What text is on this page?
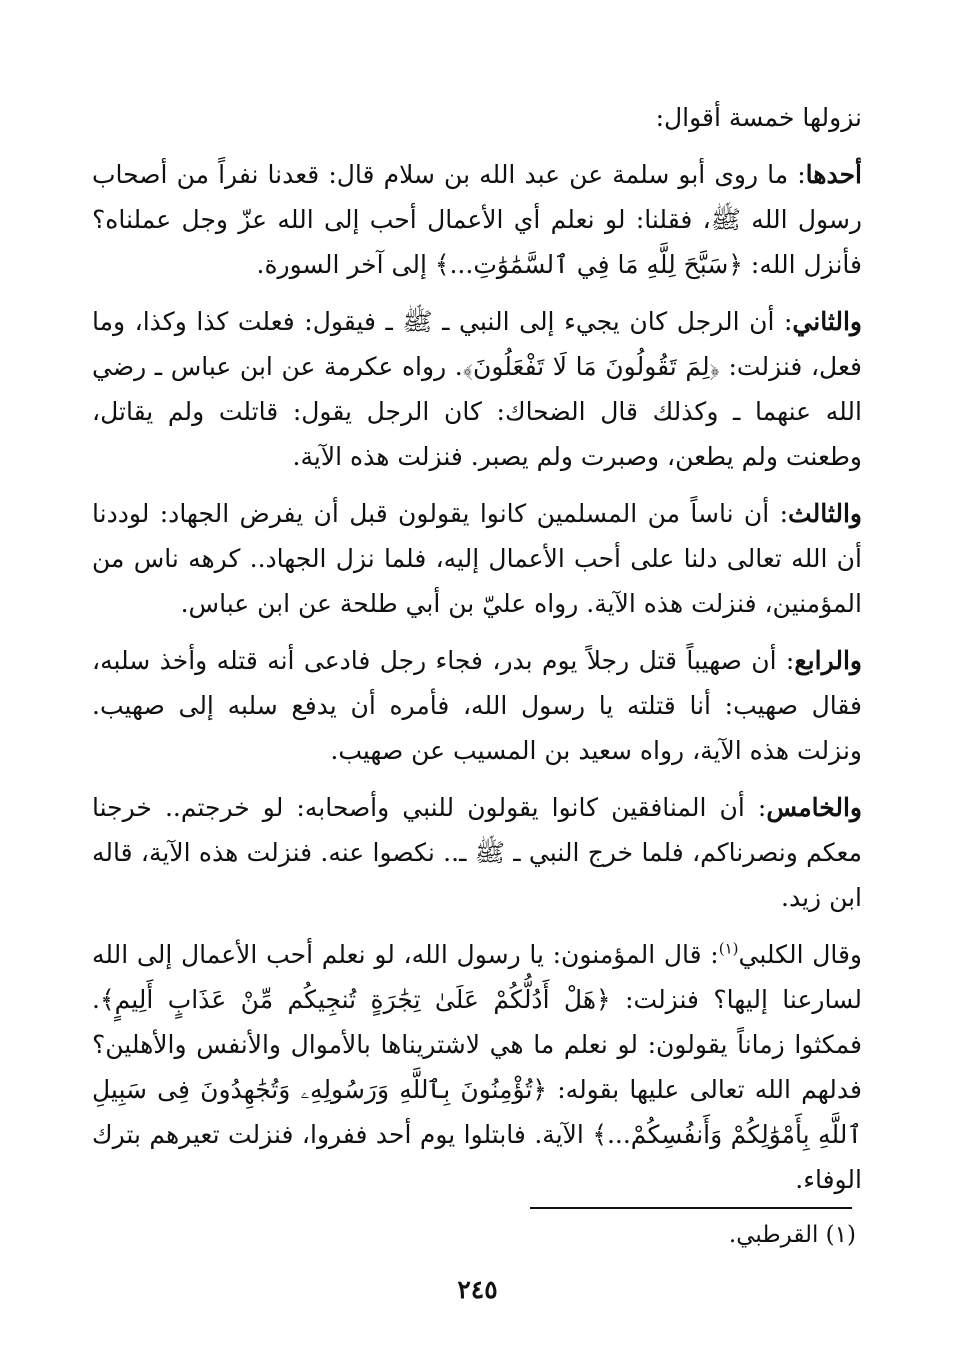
نزولها خمسة أقوال:

أحدها: ما روى أبو سلمة عن عبد الله بن سلام قال: قعدنا نفراً من أصحاب رسول الله ﷺ، فقلنا: لو نعلم أي الأعمال أحب إلى الله عزّ وجل عملناه؟ فأنزل الله: ﴿سَبَّحَ لِلَّهِ مَا فِي ٱلسَّمَٰوَٰتِ...﴾ إلى آخر السورة.

والثاني: أن الرجل كان يجيء إلى النبي ـ ﷺ ـ فيقول: فعلت كذا وكذا، وما فعل، فنزلت: ﴿لِمَ تَقُولُونَ مَا لَا تَفْعَلُونَ﴾. رواه عكرمة عن ابن عباس ـ رضي الله عنهما ـ وكذلك قال الضحاك: كان الرجل يقول: قاتلت ولم يقاتل، وطعنت ولم يطعن، وصبرت ولم يصبر. فنزلت هذه الآية.

والثالث: أن ناساً من المسلمين كانوا يقولون قبل أن يفرض الجهاد: لوددنا أن الله تعالى دلنا على أحب الأعمال إليه، فلما نزل الجهاد.. كرهه ناس من المؤمنين، فنزلت هذه الآية. رواه عليّ بن أبي طلحة عن ابن عباس.

والرابع: أن صهيباً قتل رجلاً يوم بدر، فجاء رجل فادعى أنه قتله وأخذ سلبه، فقال صهيب: أنا قتلته يا رسول الله، فأمره أن يدفع سلبه إلى صهيب. ونزلت هذه الآية، رواه سعيد بن المسيب عن صهيب.

والخامس: أن المنافقين كانوا يقولون للنبي وأصحابه: لو خرجتم.. خرجنا معكم ونصرناكم، فلما خرج النبي ـ ﷺ ـ.. نكصوا عنه. فنزلت هذه الآية، قاله ابن زيد.

وقال الكلبي$^{(١)}$: قال المؤمنون: يا رسول الله، لو نعلم أحب الأعمال إلى الله لسارعنا إليها؟ فنزلت: ﴿هَلْ أَدُلُّكُمْ عَلَىٰ تِجَٰرَةٍ تُنجِيكُم مِّنْ عَذَابٍ أَلِيمٍ﴾. فمكثوا زماناً يقولون: لو نعلم ما هي لاشتريناها بالأموال والأنفس والأهلين؟ فدلهم الله تعالى عليها بقوله: ﴿تُؤْمِنُونَ بِٱللَّهِ وَرَسُولِهِۦ وَتُجَٰهِدُونَ فِى سَبِيلِ ٱللَّهِ بِأَمْوَٰلِكُمْ وَأَنفُسِكُمْ...﴾ الآية. فابتلوا يوم أحد ففروا، فنزلت تعيرهم بترك الوفاء.

(١) القرطبي.
٢٤٥
